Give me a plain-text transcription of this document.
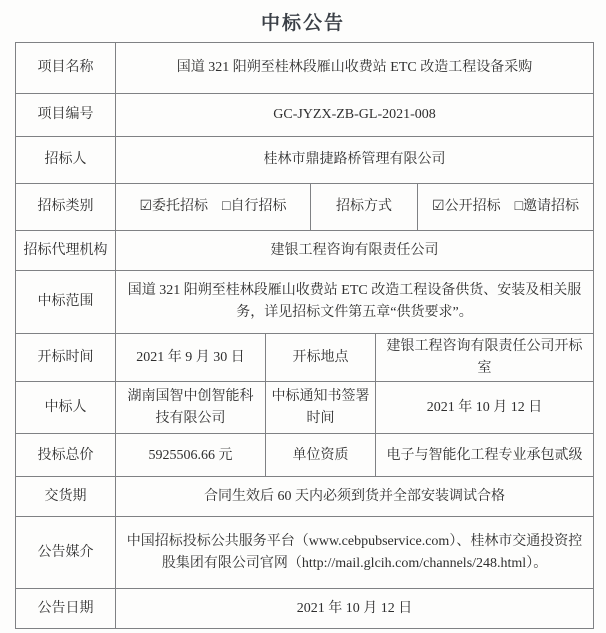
中标公告
项目名称	国道 321 阳朔至桂林段雁山收费站 ETC 改造工程设备采购				
项目编号	GC-JYZX-ZB-GL-2021-008				
招标人	桂林市鼎捷路桥管理有限公司				
招标类别	☑委托招标　□自行招标		招标方式		☑公开招标　□邀请招标
招标代理机构	建银工程咨询有限责任公司				
中标范围	国道 321 阳朔至桂林段雁山收费站 ETC 改造工程设备供货、安装及相关服务，详见招标文件第五章“供货要求”。				
开标时间	2021 年 9 月 30 日	开标地点		建银工程咨询有限责任公司开标室	
中标人	湖南国智中创智能科技有限公司	中标通知书签署时间		2021 年 10 月 12 日	
投标总价	5925506.66 元	单位资质		电子与智能化工程专业承包贰级	
交货期	合同生效后 60 天内必须到货并全部安装调试合格				
公告媒介	中国招标投标公共服务平台（www.cebpubservice.com）、桂林市交通投资控股集团有限公司官网（http://mail.glcih.com/channels/248.html）。				
公告日期	2021 年 10 月 12 日				
